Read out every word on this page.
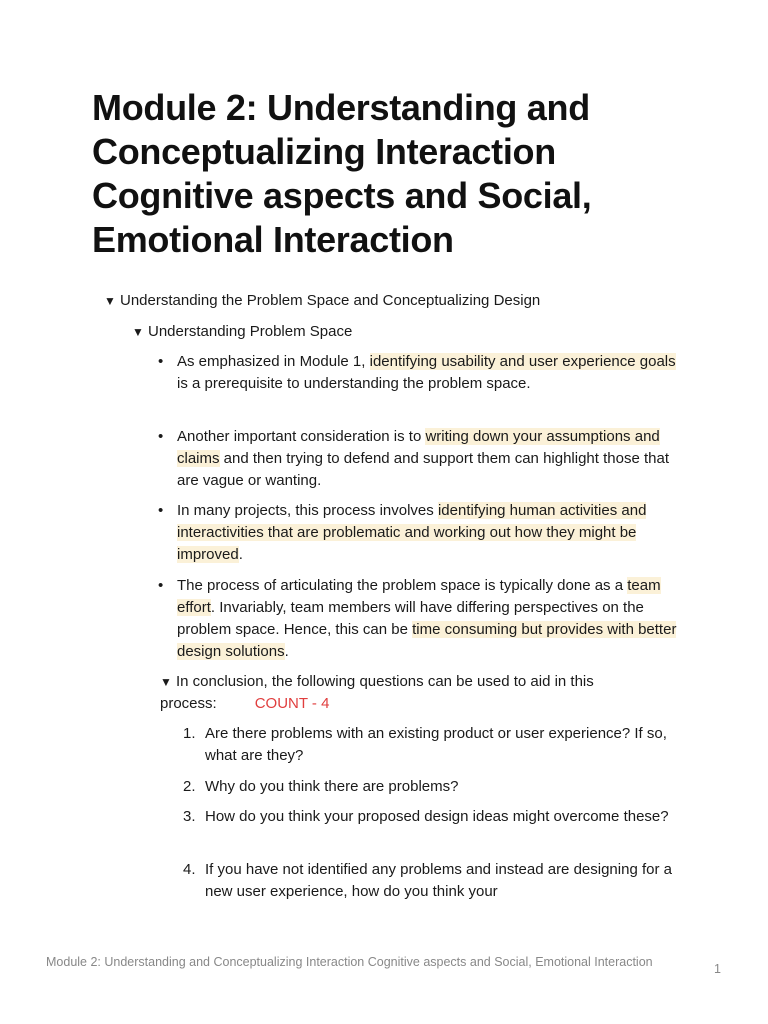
Module 2: Understanding and Conceptualizing Interaction Cognitive aspects and Social, Emotional Interaction
▼ Understanding the Problem Space and Conceptualizing Design
▼ Understanding Problem Space
• As emphasized in Module 1, identifying usability and user experience goals is a prerequisite to understanding the problem space.
• Another important consideration is to writing down your assumptions and claims and then trying to defend and support them can highlight those that are vague or wanting.
• In many projects, this process involves identifying human activities and interactivities that are problematic and working out how they might be improved.
• The process of articulating the problem space is typically done as a team effort. Invariably, team members will have differing perspectives on the problem space. Hence, this can be time consuming but provides with better design solutions.
▼ In conclusion, the following questions can be used to aid in this process:	COUNT - 4
1. Are there problems with an existing product or user experience? If so, what are they?
2. Why do you think there are problems?
3. How do you think your proposed design ideas might overcome these?
4. If you have not identified any problems and instead are designing for a new user experience, how do you think your
Module 2: Understanding and Conceptualizing Interaction Cognitive aspects and Social, Emotional Interaction	1
